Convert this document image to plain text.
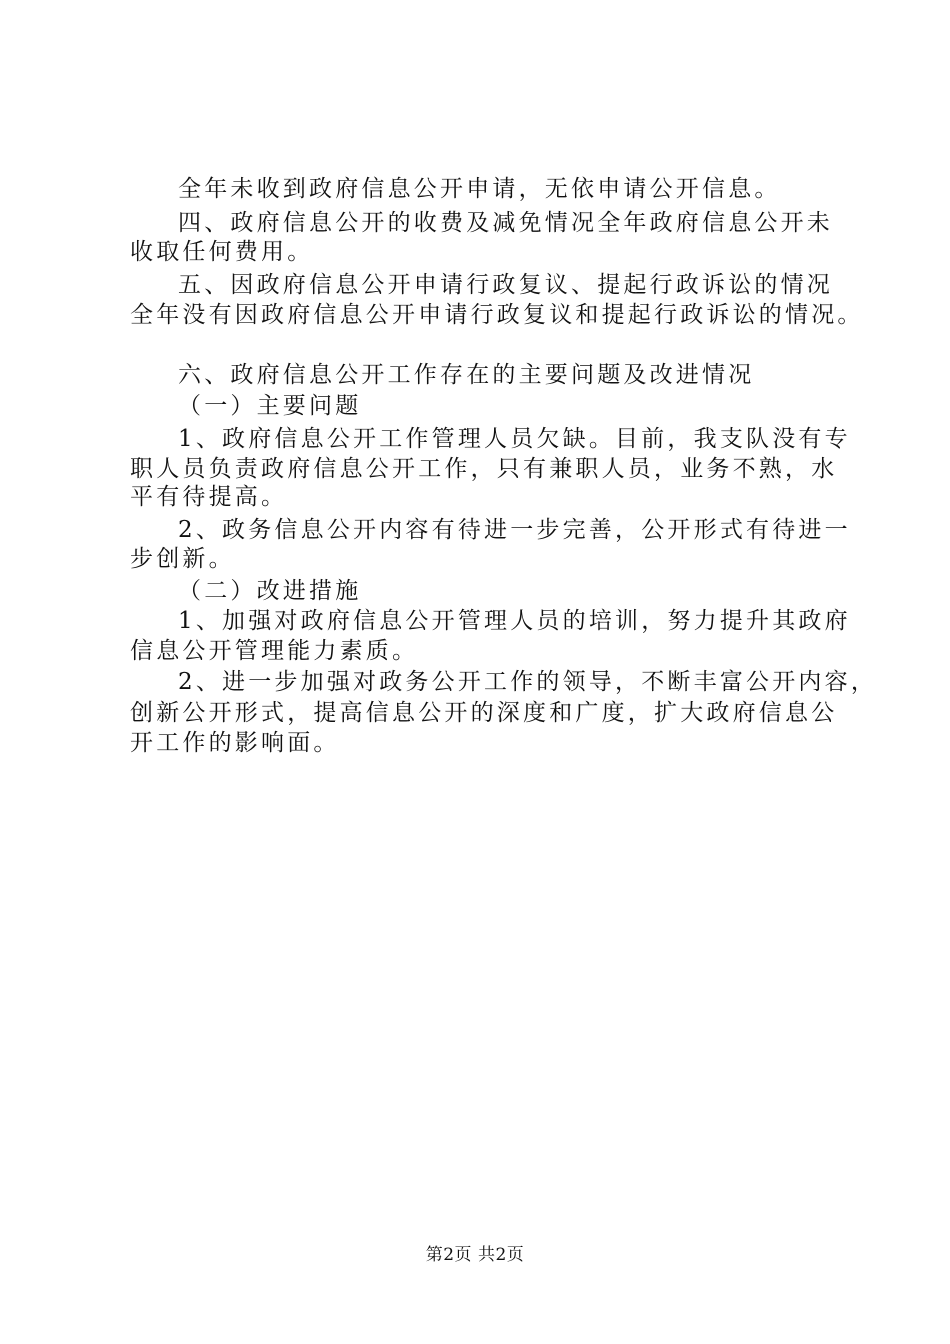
全年未收到政府信息公开申请，无依申请公开信息。
四、政府信息公开的收费及减免情况全年政府信息公开未
收取任何费用。
五、因政府信息公开申请行政复议、提起行政诉讼的情况
全年没有因政府信息公开申请行政复议和提起行政诉讼的情况。
六、政府信息公开工作存在的主要问题及改进情况
（一）主要问题
1、政府信息公开工作管理人员欠缺。目前，我支队没有专
职人员负责政府信息公开工作，只有兼职人员，业务不熟，水
平有待提高。
2、政务信息公开内容有待进一步完善，公开形式有待进一
步创新。
（二）改进措施
1、加强对政府信息公开管理人员的培训，努力提升其政府
信息公开管理能力素质。
2、进一步加强对政务公开工作的领导，不断丰富公开内容，
创新公开形式，提高信息公开的深度和广度，扩大政府信息公
开工作的影响面。
第2页 共2页
